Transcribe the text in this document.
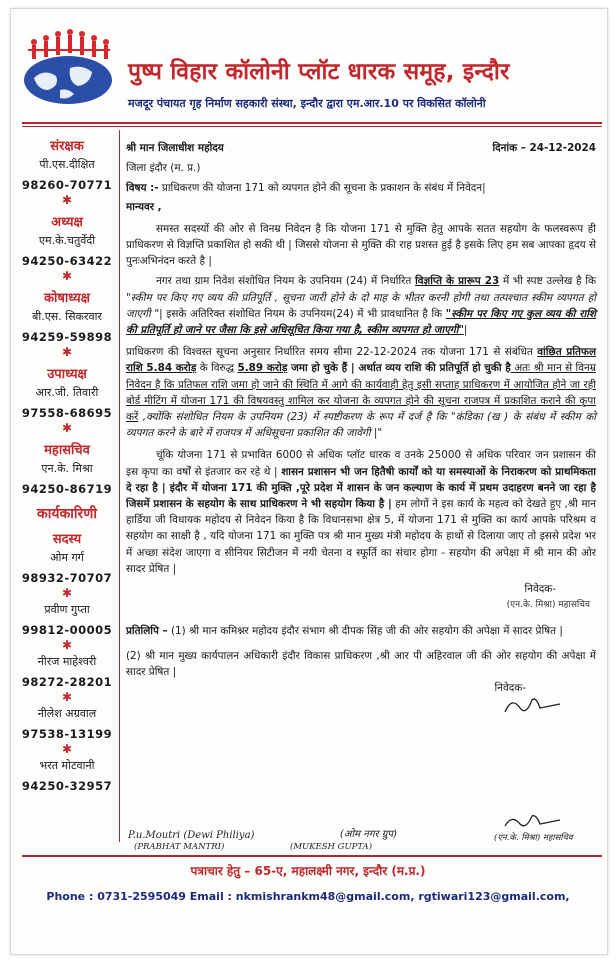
पुष्प विहार कॉलोनी प्लॉट धारक समूह, इन्दौर
मजदूर पंचायत गृह निर्माण सहकारी संस्था, इन्दौर द्वारा एम.आर.10 पर विकसित कॉलोनी
संरक्षक
पी.एस.दीक्षित
98260-70771
✱
अध्यक्ष
एम.के.चतुर्वेदी
94250-63422
✱
कोषाध्यक्ष
बी.एस. सिकरवार
94259-59898
✱
उपाध्यक्ष
आर.जी. तिवारी
97558-68695
✱
महासचिव
एन.के. मिश्रा
94250-86719
कार्यकारिणी
सदस्य
ओम गर्ग
98932-70707
✱
प्रवीण गुप्ता
99812-00005
✱
नीरज माहेश्वरी
98272-28201
✱
नीलेश अग्रवाल
97538-13199
✱
भरत मोटवानी
94250-32957
श्री मान जिलाधीश महोदय	दिनांक – 24-12-2024
जिला इंदौर (म. प्र.)
विषय :- प्राधिकरण की योजना 171 को व्यपगत होने की सूचना के प्रकाशन के संबंध में निवेदन|
मान्यवर ,

समस्त सदस्यों की ओर से विनम्र निवेदन है कि योजना 171 से मुक्ति हेतु आपके सतत सहयोग के फलस्वरूप ही प्राधिकरण से विज्ञप्ति प्रकाशित हो सकी थी | जिससे योजना से मुक्ति की राह प्रशस्त हुई है इसके लिए हम सब आपका हृदय से पुनःअभिनंदन करते है |

नगर तथा ग्राम निवेश संशोधित नियम के उपनियम (24) में निर्धारित विज्ञप्ति के प्रारूप 23 में भी स्पष्ट उल्लेख है कि "स्कीम पर किए गए व्यय की प्रतिपूर्ति , सूचना जारी होने के दो माह के भीतर करनी होगी तथा तत्पश्चात स्कीम व्यपगत हो जाएगी "| इसके अतिरिक्त संशोधित नियम के उपनियम(24) में भी प्रावधानित है कि "स्कीम पर किए गए कुल व्यय की राशि की प्रतिपूर्ति हो जाने पर जैसा कि इसे अधिसूचित किया गया है, स्कीम व्यपगत हो जाएगी"|

प्राधिकरण की विश्वस्त सूचना अनुसार निर्धारित समय सीमा 22-12-2024 तक योजना 171 से संबंधित वांछित प्रतिफल राशि 5.84 करोड़ के विरुद्ध 5.89 करोड़ जमा हो चुके हैं | अर्थात व्यय राशि की प्रतिपूर्ति हो चुकी है अतः श्री मान से विनम्र निवेदन है कि प्रतिफल राशि जमा हो जाने की स्थिति में आगे की कार्यवाही हेतु इसी सप्ताह प्राधिकरण में आयोजित होने जा रही बोर्ड मीटिंग में योजना 171 की विषयवस्तु शामिल कर योजना के व्यपगत होने की सूचना राजपत्र में प्रकाशित कराने की कृपा करें ,क्योंकि संशोधित नियम के उपनियम (23) में स्पष्टीकरण के रूप में दर्ज है कि "कंडिका (ख ) के संबंध में स्कीम को व्यपगत करने के बारे में राजपत्र में अधिसूचना प्रकाशित की जावेगी |"

चूंकि योजना 171 से प्रभावित 6000 से अधिक प्लॉट धारक व उनके 25000 से अधिक परिवार जन प्रशासन की इस कृपा का वर्षों से इंतजार कर रहे थे | शासन प्रशासन भी जन हितैषी कार्यों को या समस्याओं के निराकरण को प्राथमिकता दे रहा है | इंदौर में योजना 171 की मुक्ति ,पूरे प्रदेश में शासन के जन कल्याण के कार्य में प्रथम उदाहरण बनने जा रहा है जिसमें प्रशासन के सहयोग के साथ प्राधिकरण ने भी सहयोग किया है | हम लोगों ने इस कार्य के महत्व को देखते हुए ,श्री मान हार्डिया जी विधायक महोदय से निवेदन किया है कि विधानसभा क्षेत्र 5, में योजना 171 से मुक्ति का कार्य आपके परिश्रम व सहयोग का साक्षी है , यदि योजना 171 का मुक्ति पत्र श्री मान मुख्य मंत्री महोदय के हाथों से दिलाया जाए तो इससे प्रदेश भर में अच्छा संदेश जाएगा व सीनियर सिटीजन में नयी चेतना व स्फूर्ति का संचार होगा - सहयोग की अपेक्षा में श्री मान की ओर सादर प्रेषित |

निवेदक-
(एन.के. मिश्रा) महासचिव

प्रतिलिपि – (1) श्री मान कमिश्नर महोदय इंदौर संभाग श्री दीपक सिंह जी की ओर सहयोग की अपेक्षा में सादर प्रेषित |

(2) श्री मान मुख्य कार्यपालन अधिकारी इंदौर विकास प्राधिकरण ,श्री आर पी अहिरवाल जी की ओर सहयोग की अपेक्षा में सादर प्रेषित |

निवेदक-
P.u.Moutri (Dewi Philiya)
(PRABHAT MANTRI)
(ओम नगर ग्रुप)
(MUKESH GUPTA)
(एन.के. मिश्रा) महासचिव
पत्राचार हेतु – 65-ए, महालक्ष्मी नगर, इन्दौर (म.प्र.)
Phone : 0731-2595049 Email : nkmishrankm48@gmail.com, rgtiwari123@gmail.com,
